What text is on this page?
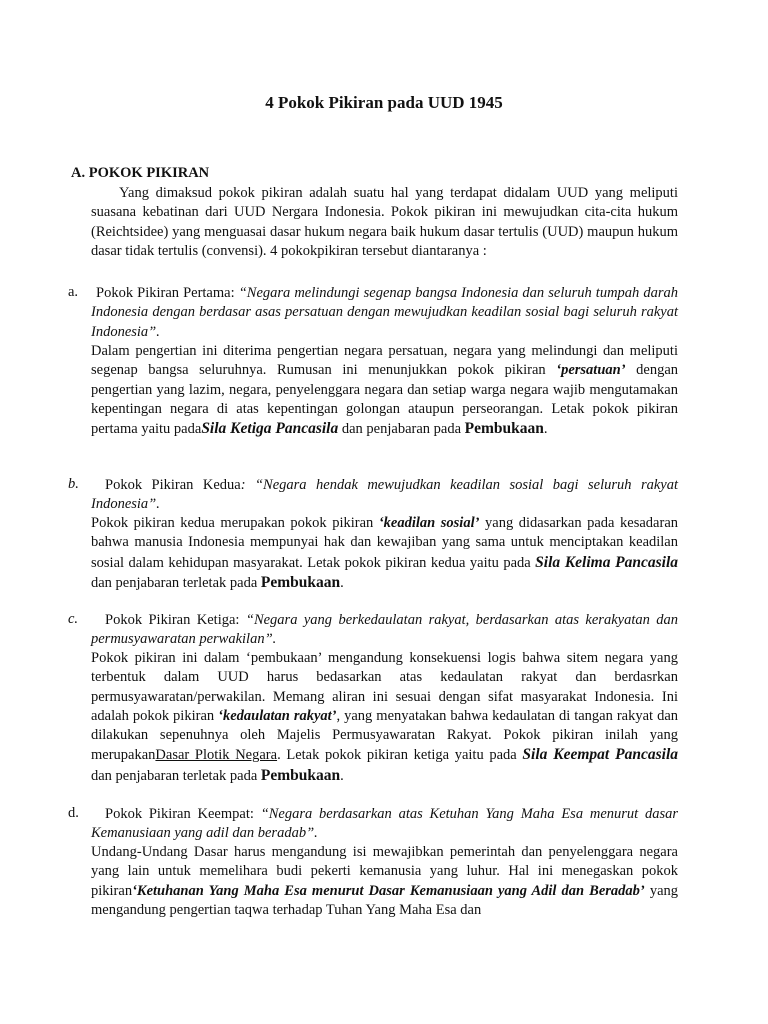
4 Pokok Pikiran pada UUD 1945
A. POKOK PIKIRAN

Yang dimaksud pokok pikiran adalah suatu hal yang terdapat didalam UUD yang meliputi suasana kebatinan dari UUD Nergara Indonesia. Pokok pikiran ini mewujudkan cita-cita hukum (Reichtsidee) yang menguasai dasar hukum negara baik hukum dasar tertulis (UUD) maupun hukum dasar tidak tertulis (convensi). 4 pokokpikiran tersebut diantaranya :

a.	Pokok Pikiran Pertama: “Negara melindungi segenap bangsa Indonesia dan seluruh tumpah darah Indonesia dengan berdasar asas persatuan dengan mewujudkan keadilan sosial bagi seluruh rakyat Indonesia”.

Dalam pengertian ini diterima pengertian negara persatuan, negara yang melindungi dan meliputi segenap bangsa seluruhnya. Rumusan ini menunjukkan pokok pikiran ‘persatuan’ dengan pengertian yang lazim, negara, penyelenggara negara dan setiap warga negara wajib mengutamakan kepentingan negara di atas kepentingan golongan ataupun perseorangan. Letak pokok pikiran pertama yaitu padaSila Ketiga Pancasila dan penjabaran pada Pembukaan.

b.	Pokok Pikiran Kedua: “Negara hendak mewujudkan keadilan sosial bagi seluruh rakyat Indonesia”.

Pokok pikiran kedua merupakan pokok pikiran ‘keadilan sosial’ yang didasarkan pada kesadaran bahwa manusia Indonesia mempunyai hak dan kewajiban yang sama untuk menciptakan keadilan sosial dalam kehidupan masyarakat. Letak pokok pikiran kedua yaitu pada Sila Kelima Pancasila dan penjabaran terletak pada Pembukaan.

c.	Pokok Pikiran Ketiga: “Negara yang berkedaulatan rakyat, berdasarkan atas kerakyatan dan permusyawaratan perwakilan”.

Pokok pikiran ini dalam ‘pembukaan’ mengandung konsekuensi logis bahwa sitem negara yang terbentuk dalam UUD harus bedasarkan atas kedaulatan rakyat dan berdasrkan permusyawaratan/perwakilan. Memang aliran ini sesuai dengan sifat masyarakat Indonesia. Ini adalah pokok pikiran ‘kedaulatan rakyat’, yang menyatakan bahwa kedaulatan di tangan rakyat dan dilakukan sepenuhnya oleh Majelis Permusyawaratan Rakyat. Pokok pikiran inilah yang merupakanDasar Plotik Negara. Letak pokok pikiran ketiga yaitu pada Sila Keempat Pancasila dan penjabaran terletak pada Pembukaan.

d.	Pokok Pikiran Keempat: “Negara berdasarkan atas Ketuhan Yang Maha Esa menurut dasar Kemanusiaan yang adil dan beradab”.

Undang-Undang Dasar harus mengandung isi mewajibkan pemerintah dan penyelenggara negara yang lain untuk memelihara budi pekerti kemanusia yang luhur. Hal ini menegaskan pokok pikiran‘Ketuhanan Yang Maha Esa menurut Dasar Kemanusiaan yang Adil dan Beradab’ yang mengandung pengertian taqwa terhadap Tuhan Yang Maha Esa dan
